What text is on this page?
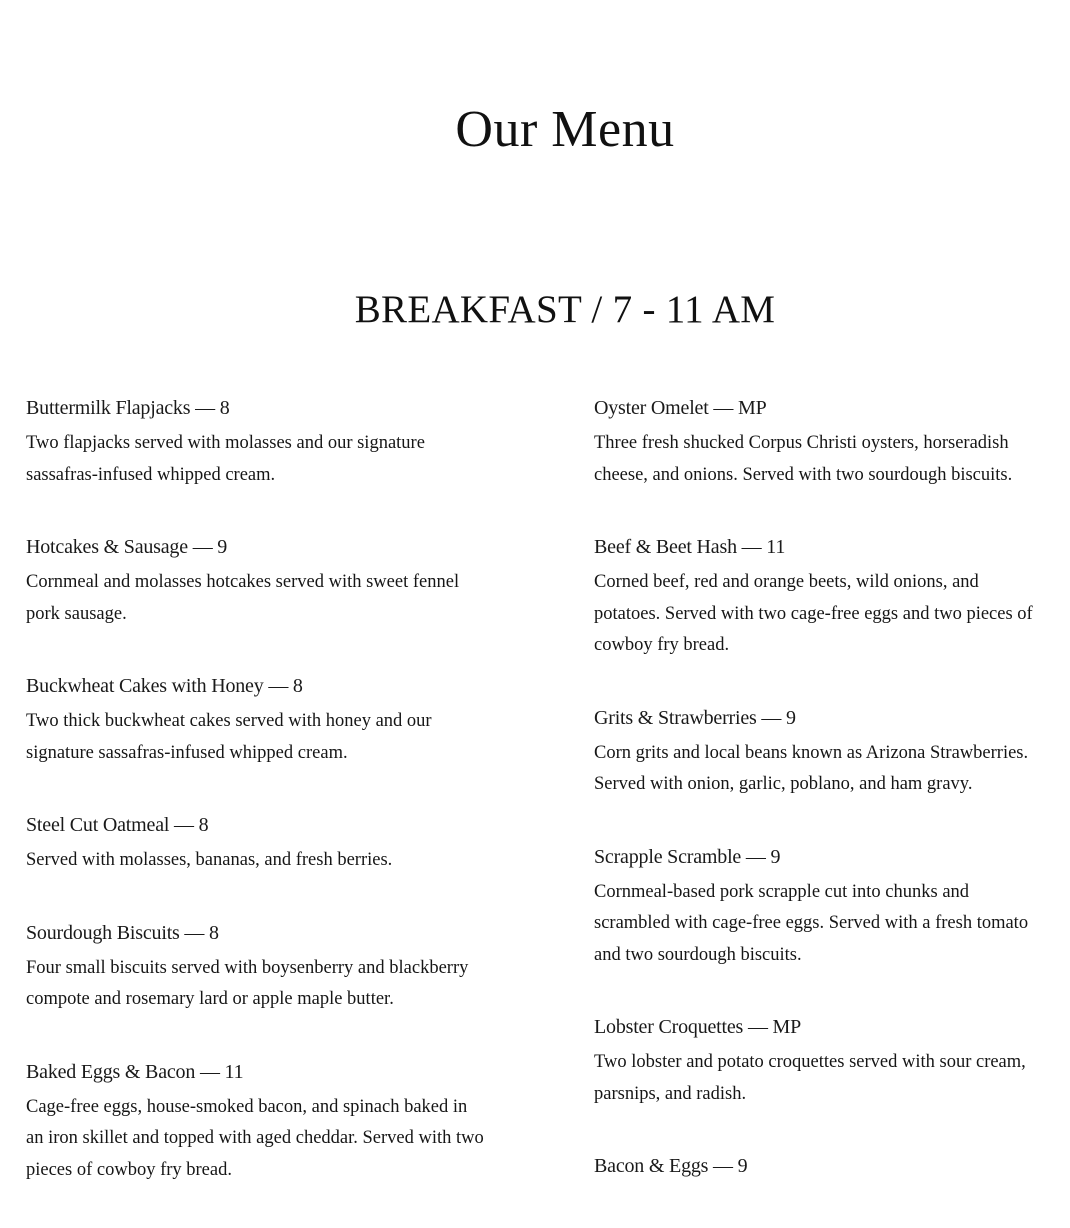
Our Menu
BREAKFAST / 7 - 11 AM
Buttermilk Flapjacks — 8

Two flapjacks served with molasses and our signature sassafras-infused whipped cream.

Hotcakes & Sausage — 9

Cornmeal and molasses hotcakes served with sweet fennel pork sausage.

Buckwheat Cakes with Honey — 8

Two thick buckwheat cakes served with honey and our signature sassafras-infused whipped cream.

Steel Cut Oatmeal — 8

Served with molasses, bananas, and fresh berries.

Sourdough Biscuits — 8

Four small biscuits served with boysenberry and blackberry compote and rosemary lard or apple maple butter.

Baked Eggs & Bacon — 11

Cage-free eggs, house-smoked bacon, and spinach baked in an iron skillet and topped with aged cheddar. Served with two pieces of cowboy fry bread.

Oyster Omelet — MP

Three fresh shucked Corpus Christi oysters, horseradish cheese, and onions. Served with two sourdough biscuits.

Beef & Beet Hash — 11

Corned beef, red and orange beets, wild onions, and potatoes. Served with two cage-free eggs and two pieces of cowboy fry bread.

Grits & Strawberries — 9

Corn grits and local beans known as Arizona Strawberries. Served with onion, garlic, poblano, and ham gravy.

Scrapple Scramble — 9

Cornmeal-based pork scrapple cut into chunks and scrambled with cage-free eggs. Served with a fresh tomato and two sourdough biscuits.

Lobster Croquettes — MP

Two lobster and potato croquettes served with sour cream, parsnips, and radish.

Bacon & Eggs — 9
